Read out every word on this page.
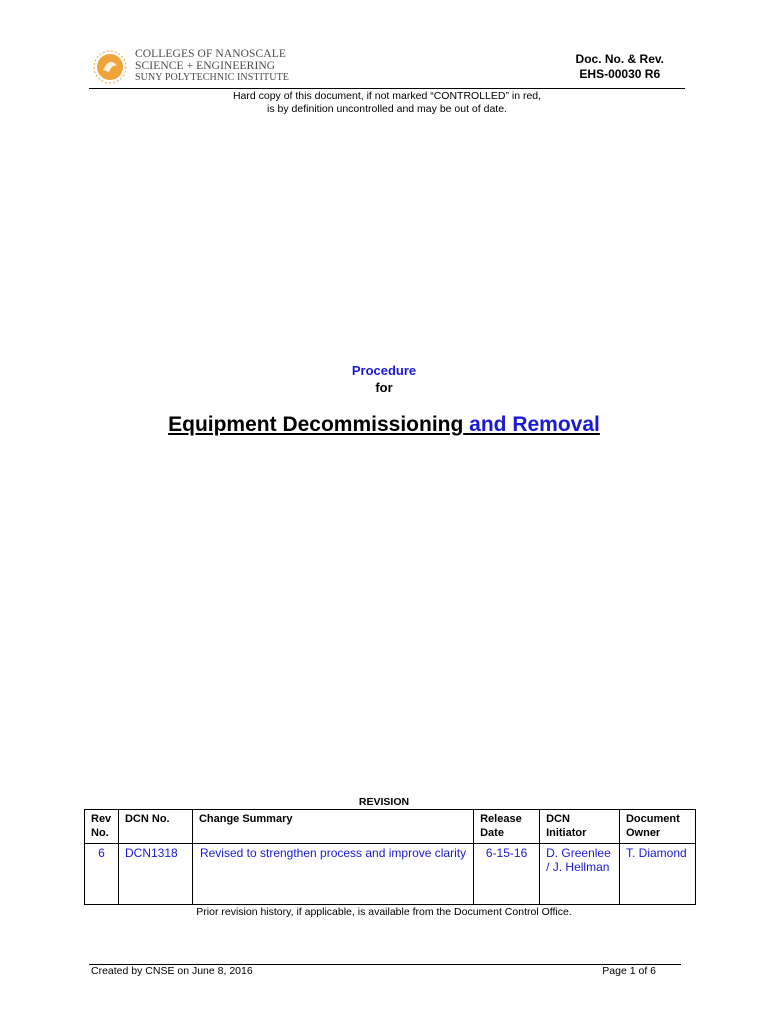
COLLEGES OF NANOSCALE
SCIENCE + ENGINEERING
SUNY POLYTECHNIC INSTITUTE
Doc. No. & Rev.
EHS-00030 R6
Hard copy of this document, if not marked “CONTROLLED” in red,
is by definition uncontrolled and may be out of date.
Procedure
for
Equipment Decommissioning and Removal
REVISION
Rev No.	DCN No.	Change Summary	Release Date	DCN Initiator	Document Owner
6	DCN1318	Revised to strengthen process and improve clarity	6-15-16	D. Greenlee / J. Hellman	T. Diamond
Prior revision history, if applicable, is available from the Document Control Office.
Created by CNSE on June 8, 2016	Page 1 of 6
